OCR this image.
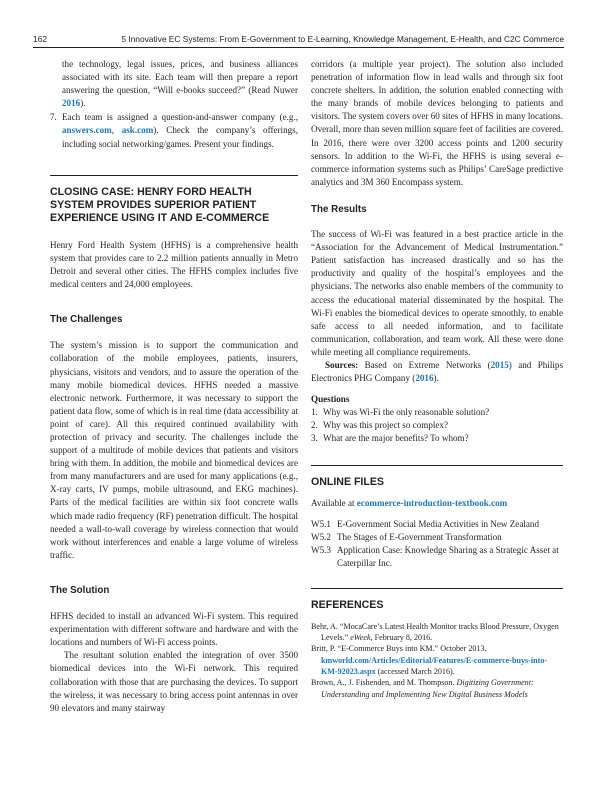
162	5 Innovative EC Systems: From E-Government to E-Learning, Knowledge Management, E-Health, and C2C Commerce

the technology, legal issues, prices, and business alliances associated with its site. Each team will then prepare a report answering the question, “Will e-books succeed?” (Read Nuwer 2016).

7. Each team is assigned a question-and-answer company (e.g., answers.com, ask.com). Check the company’s offerings, including social networking/games. Present your findings.
CLOSING CASE: HENRY FORD HEALTH SYSTEM PROVIDES SUPERIOR PATIENT EXPERIENCE USING IT AND E-COMMERCE

Henry Ford Health System (HFHS) is a comprehensive health system that provides care to 2.2 million patients annually in Metro Detroit and several other cities. The HFHS complex includes five medical centers and 24,000 employees.

The Challenges

The system’s mission is to support the communication and collaboration of the mobile employees, patients, insurers, physicians, visitors and vendors, and to assure the operation of the many mobile biomedical devices. HFHS needed a massive electronic network. Furthermore, it was necessary to support the patient data flow, some of which is in real time (data accessibility at point of care). All this required continued availability with protection of privacy and security. The challenges include the support of a multitude of mobile devices that patients and visitors bring with them. In addition, the mobile and biomedical devices are from many manufacturers and are used for many applications (e.g., X-ray carts, IV pumps, mobile ultrasound, and EKG machines). Parts of the medical facilities are within six foot concrete walls which made radio frequency (RF) penetration difficult. The hospital needed a wall-to-wall coverage by wireless connection that would work without interferences and enable a large volume of wireless traffic.

The Solution

HFHS decided to install an advanced Wi-Fi system. This required experimentation with different software and hardware and with the locations and numbers of Wi-Fi access points.

The resultant solution enabled the integration of over 3500 biomedical devices into the Wi-Fi network. This required collaboration with those that are purchasing the devices. To support the wireless, it was necessary to bring access point antennas in over 90 elevators and many stairway

corridors (a multiple year project). The solution also included penetration of information flow in lead walls and through six foot concrete shelters. In addition, the solution enabled connecting with the many brands of mobile devices belonging to patients and visitors. The system covers over 60 sites of HFHS in many locations. Overall, more than seven million square feet of facilities are covered. In 2016, there were over 3200 access points and 1200 security sensors. In addition to the Wi-Fi, the HFHS is using several e-commerce information systems such as Philips’ CareSage predictive analytics and 3M 360 Encompass system.

The Results

The success of Wi-Fi was featured in a best practice article in the “Association for the Advancement of Medical Instrumentation.” Patient satisfaction has increased drastically and so has the productivity and quality of the hospital’s employees and the physicians. The networks also enable members of the community to access the educational material disseminated by the hospital. The Wi-Fi enables the biomedical devices to operate smoothly, to enable safe access to all needed information, and to facilitate communication, collaboration, and team work. All these were done while meeting all compliance requirements.

Sources: Based on Extreme Networks (2015) and Philips Electronics PHG Company (2016).

Questions
1. Why was Wi-Fi the only reasonable solution?
2. Why was this project so complex?
3. What are the major benefits? To whom?
ONLINE FILES

Available at ecommerce-introduction-textbook.com

W5.1 E-Government Social Media Activities in New Zealand
W5.2 The Stages of E-Government Transformation
W5.3 Application Case: Knowledge Sharing as a Strategic Asset at Caterpillar Inc.
REFERENCES

Behr, A. “MocaCare’s Latest Health Monitor tracks Blood Pressure, Oxygen Levels.” eWeek, February 8, 2016.

Britt, P. “E-Commerce Buys into KM.” October 2013. kmworld.com/Articles/Editorial/Features/E-commerce-buys-into-KM-92023.aspx (accessed March 2016).

Brown, A., J. Fishenden, and M. Thompson. Digitizing Government: Understanding and Implementing New Digital Business Models
